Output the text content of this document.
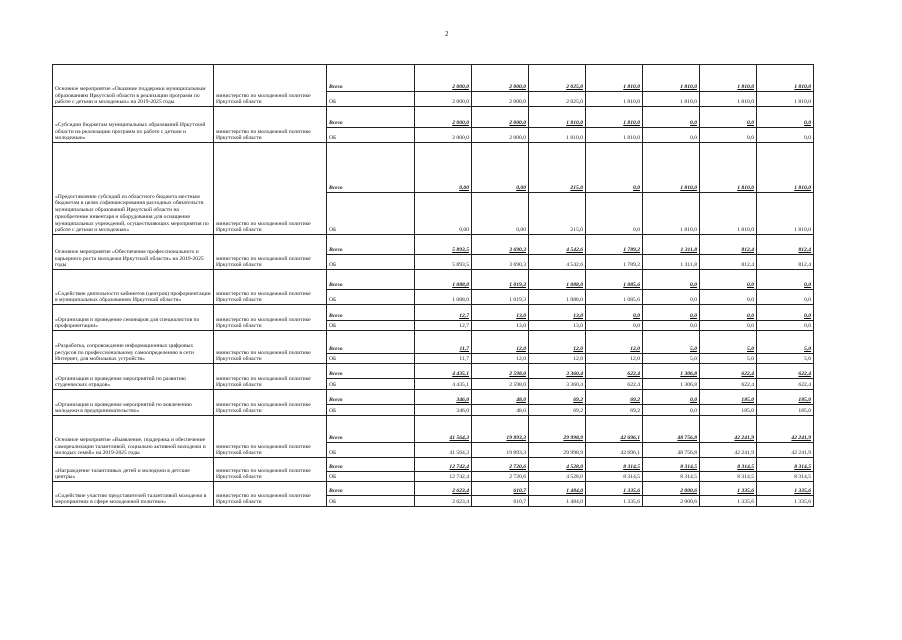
2
Основное мероприятие «Оказание поддержки муниципальным образованиям Иркутской области в реализации программ по работе с детьми и молодежью» на 2019-2025 годы	министерство по молодежной политике Иркутской области	Всего	2 000,0	2 000,0	2 025,0	1 810,0	1 810,0	1 810,0	1 810,0
		ОБ	2 000,0	2 000,0	2 025,0	1 810,0	1 810,0	1 810,0	1 810,0
«Субсидии бюджетам муниципальных образований Иркутской области на реализацию программ по работе с детьми и молодежью»	министерство по молодежной политике Иркутской области	Всего	2 000,0	2 000,0	1 810,0	1 810,0	0,0	0,0	0,0
		ОБ	2 000,0	2 000,0	1 810,0	1 810,0	0,0	0,0	0,0
«Предоставление субсидий из областного бюджета местным бюджетам в целях софинансирования расходных обязательств муниципальных образований Иркутской области на приобретение инвентаря и оборудования для оснащения муниципальных учреждений, осуществляющих мероприятия по работе с детьми и молодежью»	министерство по молодежной политике Иркутской области	Всего	0,00	0,00	215,0	0,0	1 810,0	1 810,0	1 810,0
		ОБ	0,00	0,00	215,0	0,0	1 810,0	1 810,0	1 810,0
Основное мероприятие «Обеспечение профессионального и карьерного роста молодежи Иркутской области» на 2019-2025 годы	министерство по молодежной политике Иркутской области	Всего	5 893,5	3 690,3	4 542,6	1 789,2	1 311,8	812,4	812,4
		ОБ	5 893,5	3 690,3	4 542,6	1 789,2	1 311,8	812,4	812,4
«Содействие деятельности кабинетов (центров) профориентации в муниципальных образованиях Иркутской области»	министерство по молодежной политике Иркутской области	Всего	1 088,0	1 019,3	1 088,0	1 085,6	0,0	0,0	0,0
		ОБ	1 088,0	1 019,3	1 088,0	1 085,6	0,0	0,0	0,0
«Организация и проведение семинаров для специалистов по профориентации»	министерство по молодежной политике Иркутской области	Всего	12,7	13,0	13,0	0,0	0,0	0,0	0,0
		ОБ	12,7	13,0	13,0	0,0	0,0	0,0	0,0
«Разработка, сопровождение информационных цифровых ресурсов по профессиональному самоопределению в сети Интернет, для мобильных устройств»	министерство по молодежной политике Иркутской области	Всего	11,7	12,0	12,0	12,0	5,0	5,0	5,0
		ОБ	11,7	12,0	12,0	12,0	5,0	5,0	5,0
«Организация и проведение мероприятий по развитию студенческих отрядов»	министерство по молодежной политике Иркутской области	Всего	4 435,1	2 598,0	3 360,4	622,4	1 306,8	622,4	622,4
		ОБ	4 435,1	2 598,0	3 360,4	622,4	1 306,8	622,4	622,4
«Организация и проведение мероприятий по вовлечению молодежи в предпринимательство»	министерство по молодежной политике Иркутской области	Всего	346,0	48,0	69,2	69,2	0,0	185,0	185,0
		ОБ	346,0	48,0	69,2	69,2	0,0	185,0	185,0
Основное мероприятие «Выявление, поддержка и обеспечение самореализации талантливой, социально активной молодежи и молодых семей» на 2019-2025 годы	министерство по молодежной политике Иркутской области	Всего	41 564,3	19 893,3	29 998,9	42 696,1	48 756,8	42 241,9	42 241,9
		ОБ	41 564,3	19 893,3	29 998,9	42 696,1	48 756,8	42 241,9	42 241,9
«Награждение талантливых детей и молодежи в детские центры»	министерство по молодежной политике Иркутской области	Всего	12 742,4	2 720,6	4 528,0	8 314,5	8 314,5	8 314,5	8 314,5
		ОБ	12 742,4	2 720,6	4 528,0	8 314,5	8 314,5	8 314,5	8 314,5
«Содействие участию представителей талантливой молодежи в мероприятиях в сфере молодежной политики»	министерство по молодежной политике Иркутской области	Всего	2 623,4	610,7	1 484,0	1 335,6	2 000,6	1 335,6	1 335,6
		ОБ	2 623,4	610,7	1 484,0	1 335,6	2 000,6	1 335,6	1 335,6
